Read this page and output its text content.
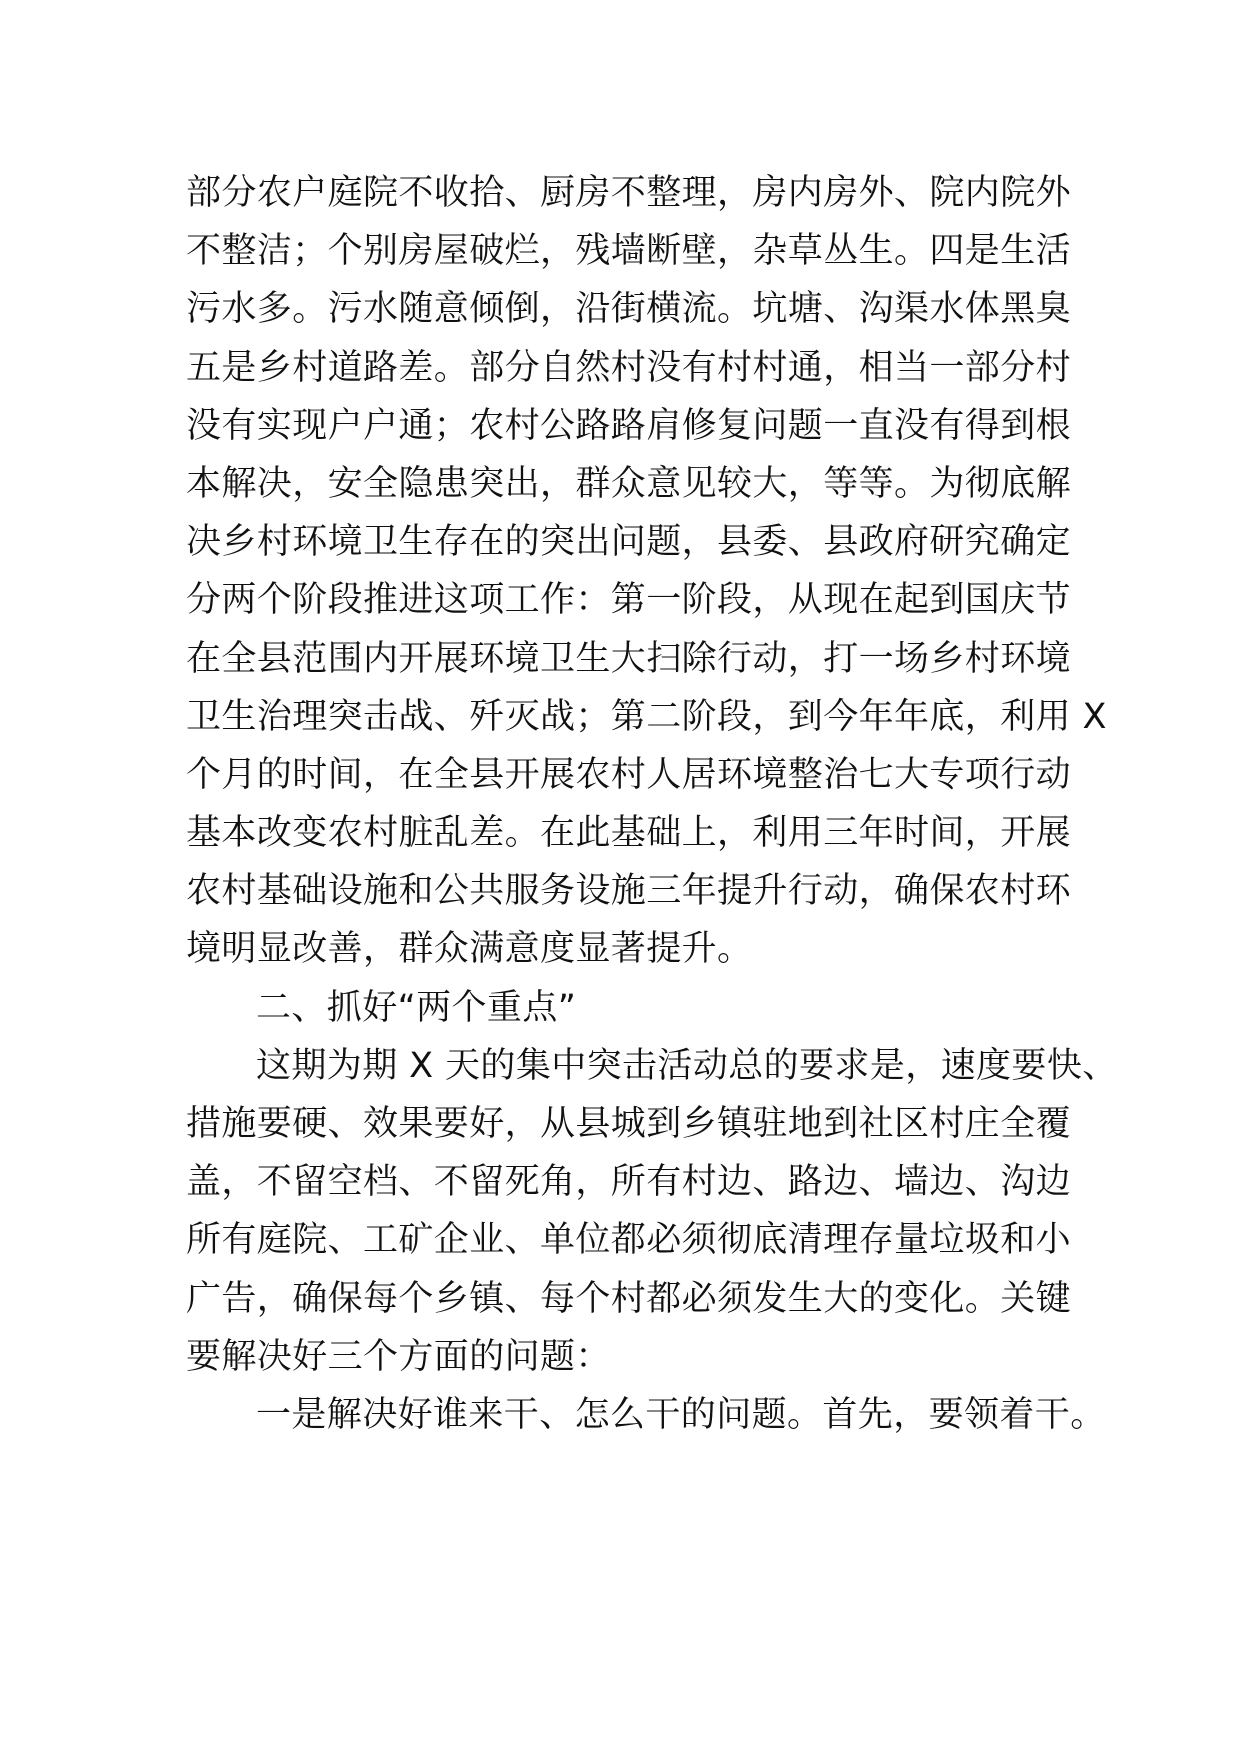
部分农户庭院不收拾、厨房不整理，房内房外、院内院外
不整洁；个别房屋破烂，残墙断壁，杂草丛生。四是生活
污水多。污水随意倾倒，沿街横流。坑塘、沟渠水体黑臭
五是乡村道路差。部分自然村没有村村通，相当一部分村
没有实现户户通；农村公路路肩修复问题一直没有得到根
本解决，安全隐患突出，群众意见较大，等等。为彻底解
决乡村环境卫生存在的突出问题，县委、县政府研究确定
分两个阶段推进这项工作：第一阶段，从现在起到国庆节
在全县范围内开展环境卫生大扫除行动，打一场乡村环境
卫生治理突击战、歼灭战；第二阶段，到今年年底，利用 X
个月的时间，在全县开展农村人居环境整治七大专项行动
基本改变农村脏乱差。在此基础上，利用三年时间，开展
农村基础设施和公共服务设施三年提升行动，确保农村环
境明显改善，群众满意度显著提升。
二、抓好“两个重点”
这期为期 X 天的集中突击活动总的要求是，速度要快、
措施要硬、效果要好，从县城到乡镇驻地到社区村庄全覆
盖，不留空档、不留死角，所有村边、路边、墙边、沟边
所有庭院、工矿企业、单位都必须彻底清理存量垃圾和小
广告，确保每个乡镇、每个村都必须发生大的变化。关键
要解决好三个方面的问题：
一是解决好谁来干、怎么干的问题。首先，要领着干。
